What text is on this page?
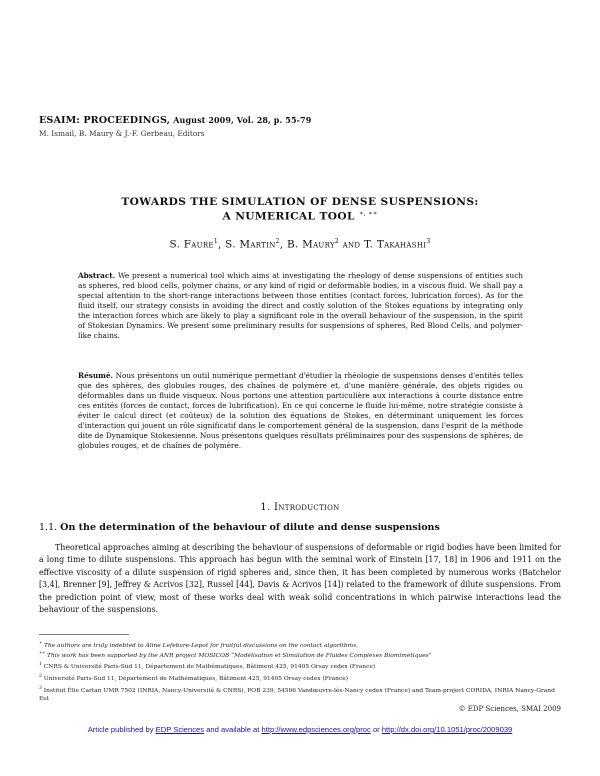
ESAIM: PROCEEDINGS, August 2009, Vol. 28, p. 55-79
M. Ismail, B. Maury & J.-F. Gerbeau, Editors
TOWARDS THE SIMULATION OF DENSE SUSPENSIONS:
A NUMERICAL TOOL ∗, ∗∗
S. Faure$^1$, S. Martin$^2$, B. Maury$^2$ and T. Takahashi$^3$
Abstract. We present a numerical tool which aims at investigating the rheology of dense suspensions of entities such as spheres, red blood cells, polymer chains, or any kind of rigid or deformable bodies, in a viscous fluid. We shall pay a special attention to the short-range interactions between those entities (contact forces, lubrication forces). As for the fluid itself, our strategy consists in avoiding the direct and costly solution of the Stokes equations by integrating only the interaction forces which are likely to play a significant role in the overall behaviour of the suspension, in the spirit of Stokesian Dynamics. We present some preliminary results for suspensions of spheres, Red Blood Cells, and polymer-like chains.
Résumé. Nous présentons un outil numérique permettant d'étudier la rhéologie de suspensions denses d'entités telles que des sphères, des globules rouges, des chaînes de polymère et, d'une manière générale, des objets rigides ou déformables dans un fluide visqueux. Nous portons une attention particulière aux interactions à courte distance entre ces entités (forces de contact, forces de lubrification). En ce qui concerne le fluide lui-même, notre stratégie consiste à éviter le calcul direct (et coûteux) de la solution des équations de Stokes, en déterminant uniquement les forces d'interaction qui jouent un rôle significatif dans le comportement général de la suspension, dans l'esprit de la méthode dite de Dynamique Stokesienne. Nous présentons quelques résultats préliminaires pour des suspensions de sphères, de globules rouges, et de chaînes de polymère.
1. Introduction
1.1. On the determination of the behaviour of dilute and dense suspensions
Theoretical approaches aiming at describing the behaviour of suspensions of deformable or rigid bodies have been limited for a long time to dilute suspensions. This approach has begun with the seminal work of Einstein [17, 18] in 1906 and 1911 on the effective viscosity of a dilute suspension of rigid spheres and, since then, it has been completed by numerous works (Batchelor [3,4], Brenner [9], Jeffrey & Acrivos [32], Russel [44], Davis & Acrivos [14]) related to the framework of dilute suspensions. From the prediction point of view, most of these works deal with weak solid concentrations in which pairwise interactions lead the behaviour of the suspensions.
∗ The authors are truly indebted to Aline Lefebvre-Lepot for fruitful discussions on the contact algorithms.
∗∗ This work has been supported by the ANR project MOSICOB “Modélisation et Simulation de Fluides Complexes Biomimétiques”
$^1$ CNRS & Université Paris-Sud 11, Département de Mathématiques, Bâtiment 425, 91405 Orsay cedex (France)
$^2$ Université Paris-Sud 11, Département de Mathématiques, Bâtiment 425, 91405 Orsay cedex (France)
$^3$ Institut Élie Cartan UMR 7502 (INRIA, Nancy-Université & CNRS), POB 239, 54506 Vandœuvre-lès-Nancy cedex (France) and Team-project CORIDA, INRIA Nancy-Grand Est
© EDP Sciences, SMAI 2009
Article published by EDP Sciences and available at http://www.edpsciences.org/proc or http://dx.doi.org/10.1051/proc/2009039
